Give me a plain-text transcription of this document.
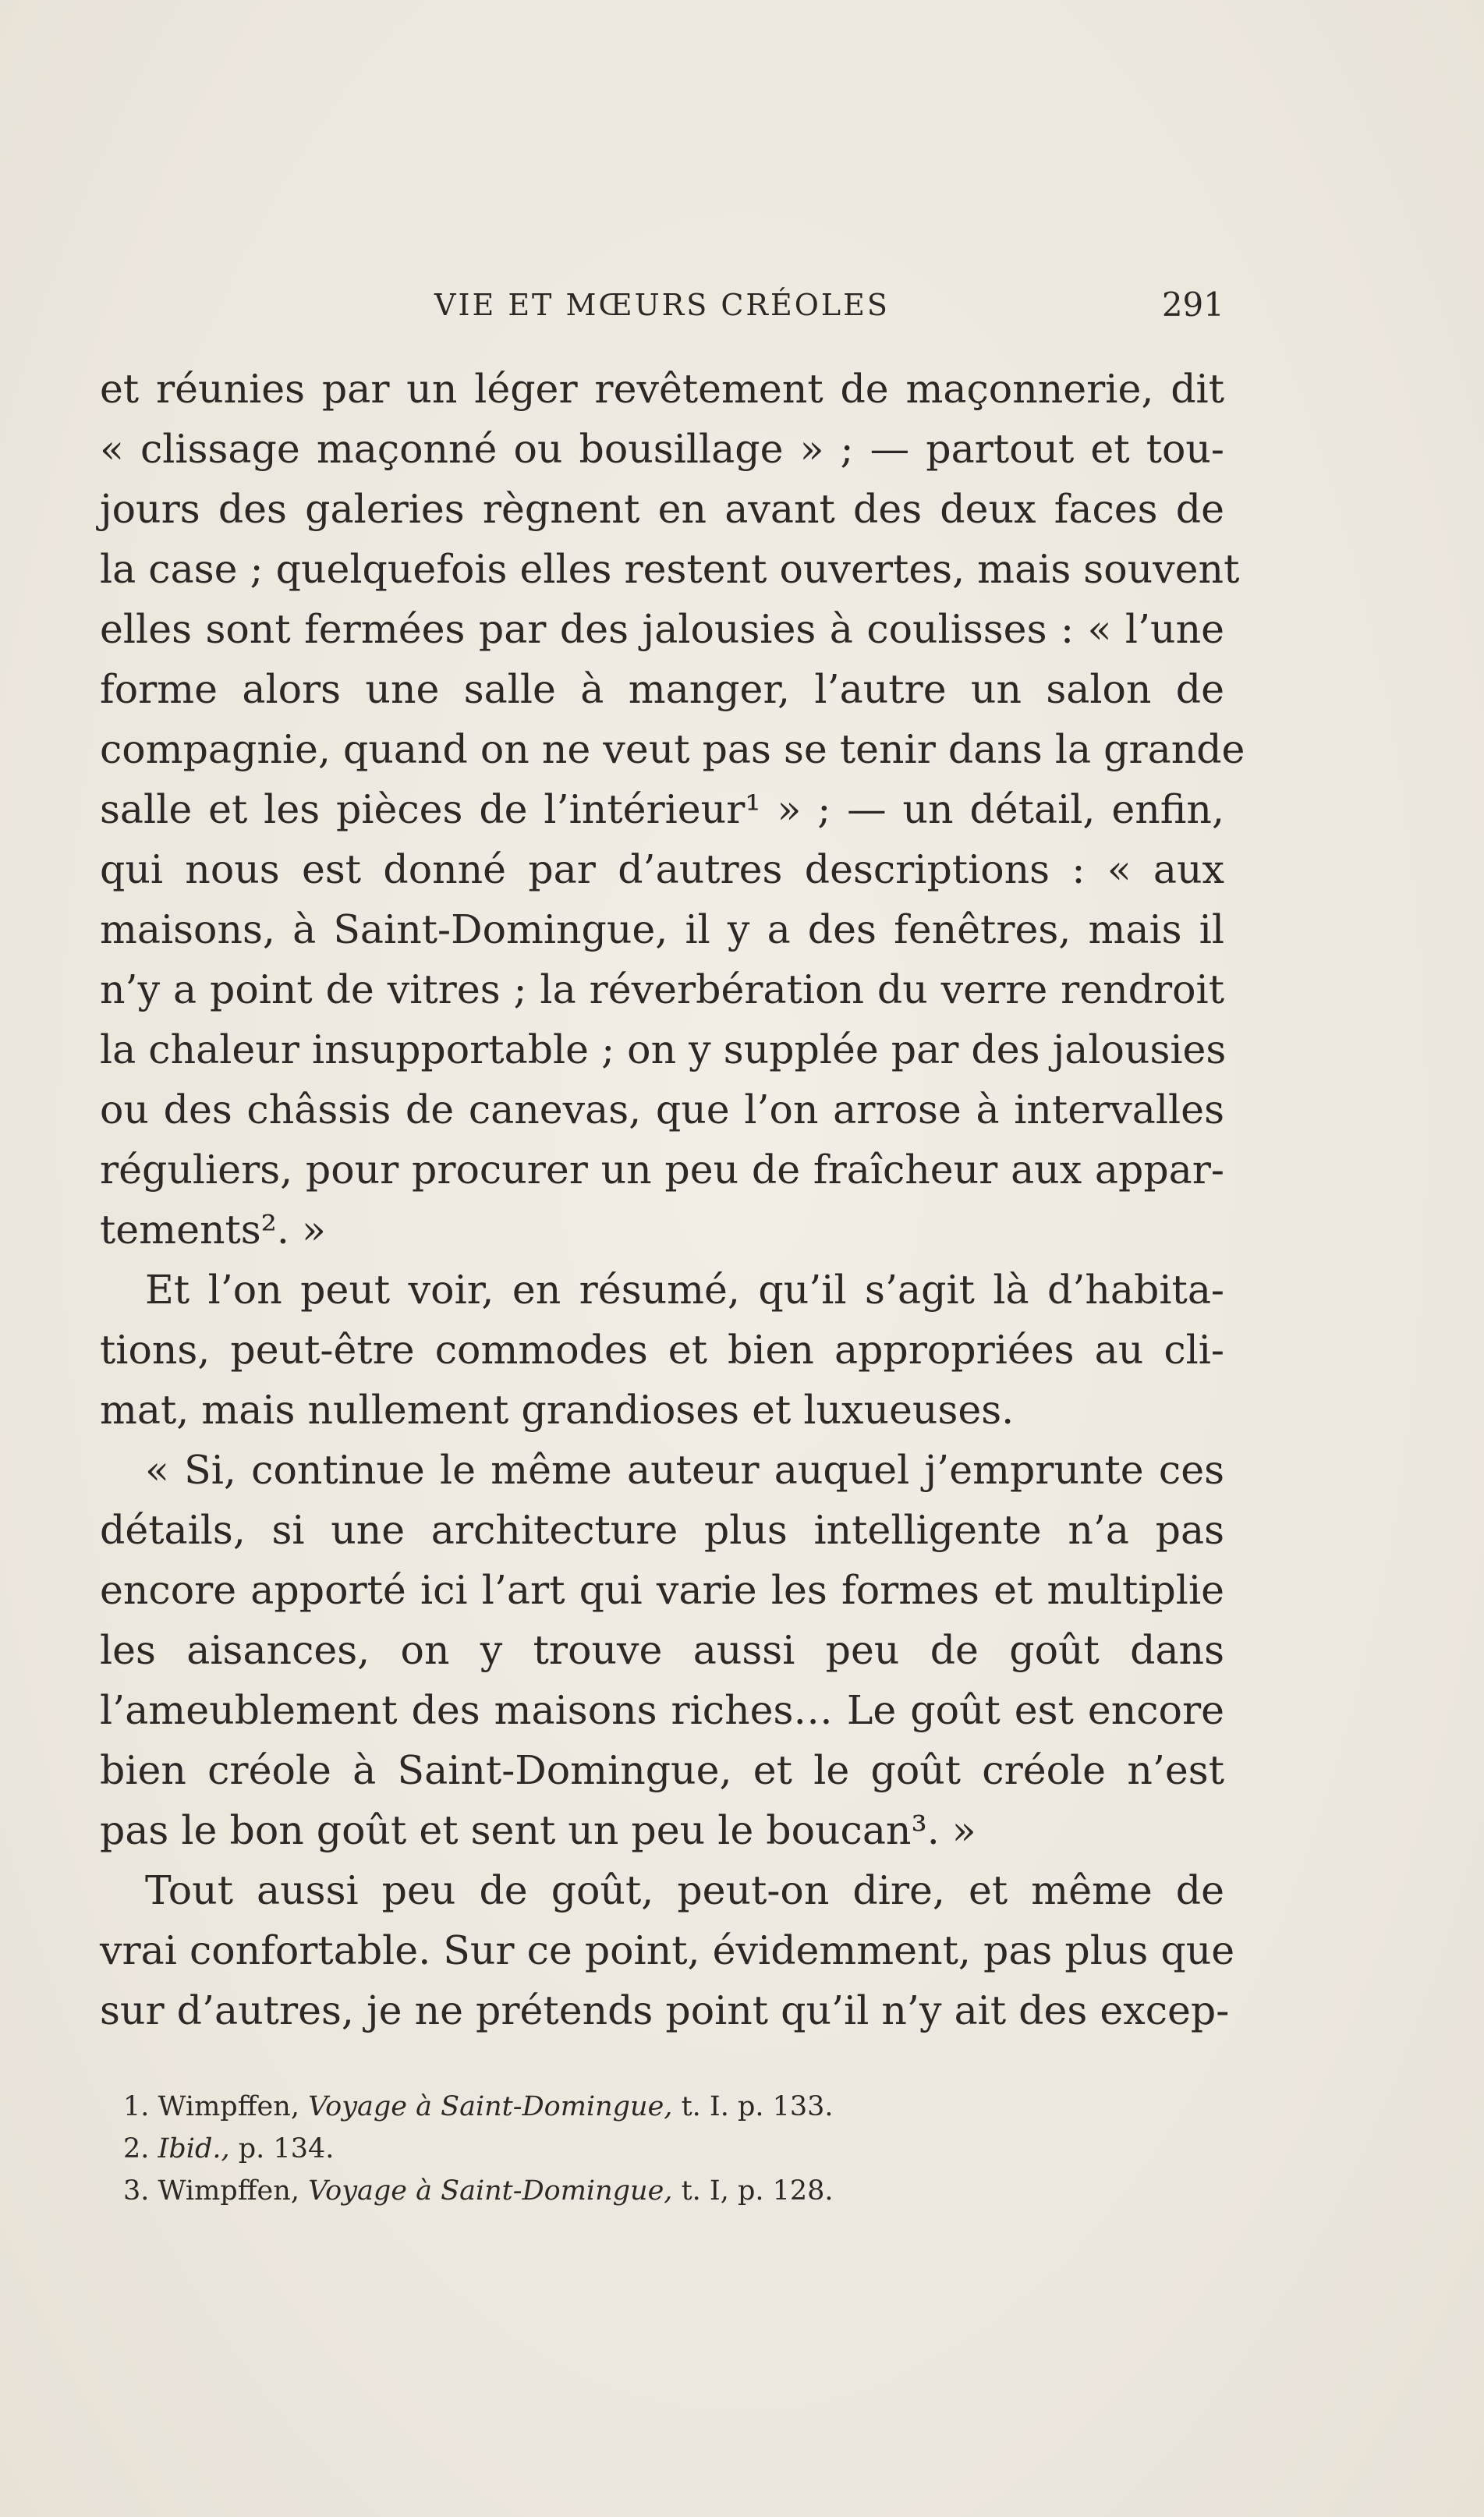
VIE ET MŒURS CRÉOLES	291
et réunies par un léger revêtement de maçonnerie, dit
« clissage maçonné ou bousillage » ; — partout et tou-
jours des galeries règnent en avant des deux faces de
la case ; quelquefois elles restent ouvertes, mais souvent
elles sont fermées par des jalousies à coulisses : « l’une
forme alors une salle à manger, l’autre un salon de
compagnie, quand on ne veut pas se tenir dans la grande
salle et les pièces de l’intérieur¹ » ; — un détail, enfin,
qui nous est donné par d’autres descriptions : « aux
maisons, à Saint-Domingue, il y a des fenêtres, mais il
n’y a point de vitres ; la réverbération du verre rendroit
la chaleur insupportable ; on y supplée par des jalousies
ou des châssis de canevas, que l’on arrose à intervalles
réguliers, pour procurer un peu de fraîcheur aux appar-
tements². »
Et l’on peut voir, en résumé, qu’il s’agit là d’habita-
tions, peut-être commodes et bien appropriées au cli-
mat, mais nullement grandioses et luxueuses.
« Si, continue le même auteur auquel j’emprunte ces
détails, si une architecture plus intelligente n’a pas
encore apporté ici l’art qui varie les formes et multiplie
les aisances, on y trouve aussi peu de goût dans
l’ameublement des maisons riches… Le goût est encore
bien créole à Saint-Domingue, et le goût créole n’est
pas le bon goût et sent un peu le boucan³. »
Tout aussi peu de goût, peut-on dire, et même de
vrai confortable. Sur ce point, évidemment, pas plus que
sur d’autres, je ne prétends point qu’il n’y ait des excep-
1. Wimpffen, Voyage à Saint-Domingue, t. I. p. 133.
2. Ibid., p. 134.
3. Wimpffen, Voyage à Saint-Domingue, t. I, p. 128.
